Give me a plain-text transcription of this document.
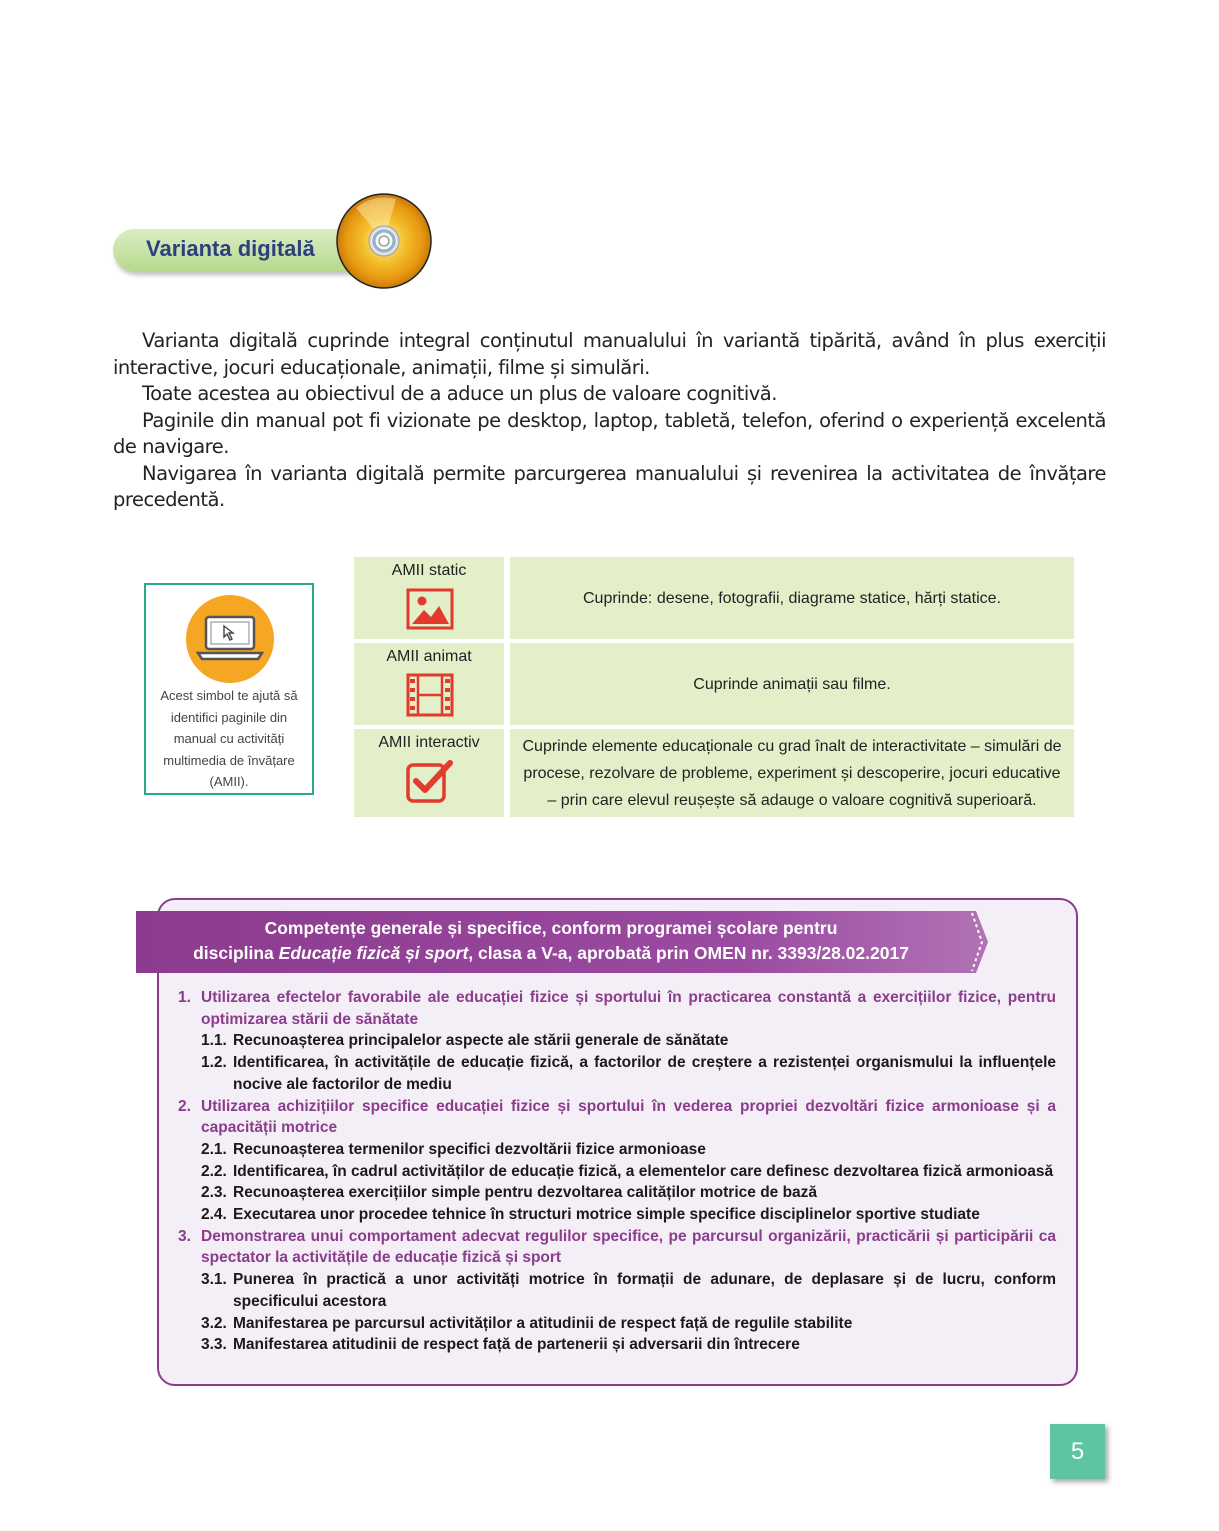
Varianta digitală

Varianta digitală cuprinde integral conținutul manualului în variantă tipărită, având în plus exerciții interactive, jocuri educaționale, animații, filme și simulări.

Toate acestea au obiectivul de a aduce un plus de valoare cognitivă.

Paginile din manual pot fi vizionate pe desktop, laptop, tabletă, telefon, oferind o experiență excelentă de navigare.

Navigarea în varianta digitală permite parcurgerea manualului și revenirea la activitatea de învățare precedentă.

Acest simbol te ajută să identifici paginile din manual cu activități multimedia de învățare (AMII).
AMII static
Cuprinde: desene, fotografii, diagrame statice, hărți statice.
AMII animat
Cuprinde animații sau filme.
AMII interactiv	Cuprinde elemente educaționale cu grad înalt de interactivitate – simulări de procese, rezolvare de probleme, experiment și descoperire, jocuri educative – prin care elevul reușește să adauge o valoare cognitivă superioară.
Competențe generale și specifice, conform programei școlare pentru
disciplina Educație fizică și sport, clasa a V-a, aprobată prin OMEN nr. 3393/28.02.2017
1. Utilizarea efectelor favorabile ale educației fizice și sportului în practicarea constantă a exercițiilor fizice, pentru optimizarea stării de sănătate
1.1. Recunoașterea principalelor aspecte ale stării generale de sănătate
1.2. Identificarea, în activitățile de educație fizică, a factorilor de creștere a rezistenței organismului la influențele nocive ale factorilor de mediu
2. Utilizarea achizițiilor specifice educației fizice și sportului în vederea propriei dezvoltări fizice armonioase și a capacității motrice
2.1. Recunoașterea termenilor specifici dezvoltării fizice armonioase
2.2. Identificarea, în cadrul activităților de educație fizică, a elementelor care definesc dezvoltarea fizică armonioasă
2.3. Recunoașterea exercițiilor simple pentru dezvoltarea calităților motrice de bază
2.4. Executarea unor procedee tehnice în structuri motrice simple specifice disciplinelor sportive studiate
3. Demonstrarea unui comportament adecvat regulilor specifice, pe parcursul organizării, practicării și participării ca spectator la activitățile de educație fizică și sport
3.1. Punerea în practică a unor activități motrice în formații de adunare, de deplasare și de lucru, conform specificului acestora
3.2. Manifestarea pe parcursul activităților a atitudinii de respect față de regulile stabilite
3.3. Manifestarea atitudinii de respect față de partenerii și adversarii din întrecere
5
